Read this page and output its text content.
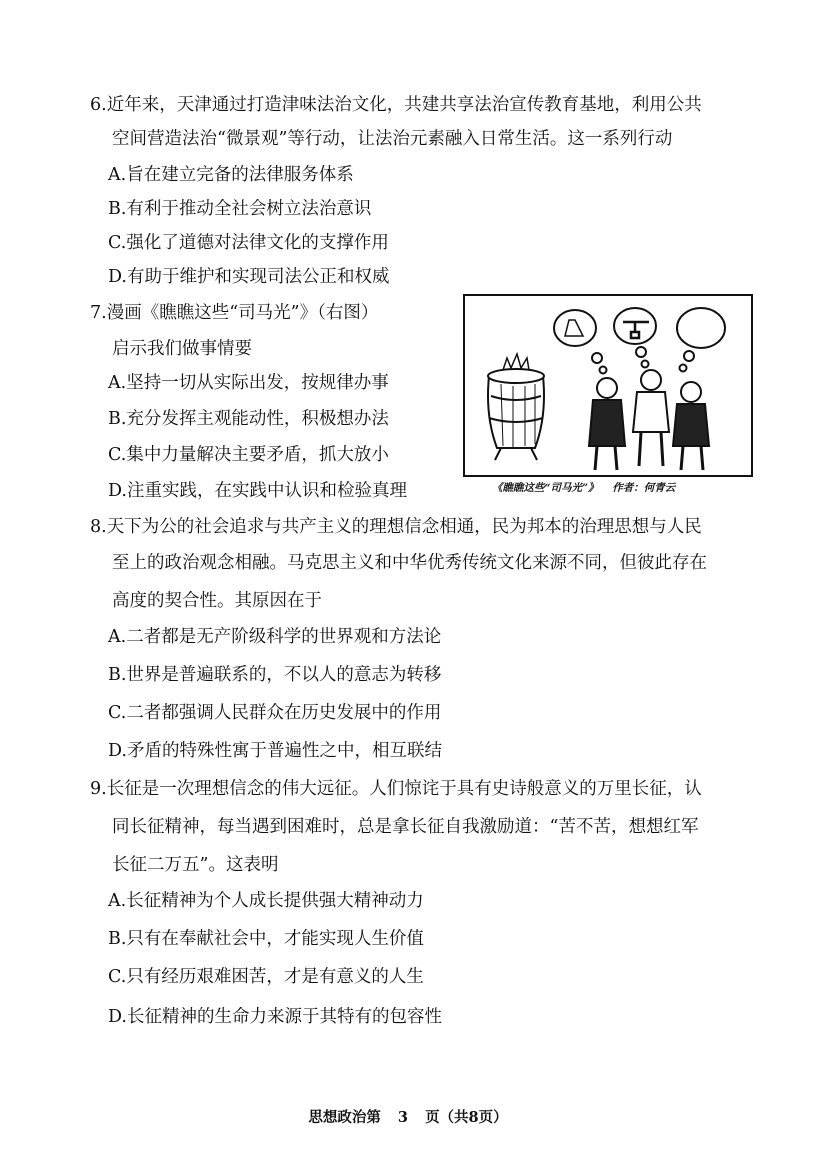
6.近年来，天津通过打造津味法治文化，共建共享法治宣传教育基地，利用公共
空间营造法治“微景观”等行动，让法治元素融入日常生活。这一系列行动
A.旨在建立完备的法律服务体系
B.有利于推动全社会树立法治意识
C.强化了道德对法律文化的支撑作用
D.有助于维护和实现司法公正和权威
7.漫画《瞧瞧这些“司马光”》（右图）
启示我们做事情要
A.坚持一切从实际出发，按规律办事
B.充分发挥主观能动性，积极想办法
C.集中力量解决主要矛盾，抓大放小
D.注重实践，在实践中认识和检验真理	《瞧瞧这些“司马光”》 作者：何青云
8.天下为公的社会追求与共产主义的理想信念相通，民为邦本的治理思想与人民
至上的政治观念相融。马克思主义和中华优秀传统文化来源不同，但彼此存在
高度的契合性。其原因在于
A.二者都是无产阶级科学的世界观和方法论
B.世界是普遍联系的，不以人的意志为转移
C.二者都强调人民群众在历史发展中的作用
D.矛盾的特殊性寓于普遍性之中，相互联结
9.长征是一次理想信念的伟大远征。人们惊诧于具有史诗般意义的万里长征，认
同长征精神，每当遇到困难时，总是拿长征自我激励道：“苦不苦，想想红军
长征二万五”。这表明
A.长征精神为个人成长提供强大精神动力
B.只有在奉献社会中，才能实现人生价值
C.只有经历艰难困苦，才是有意义的人生
D.长征精神的生命力来源于其特有的包容性
思想政治第 3 页（共8页）
